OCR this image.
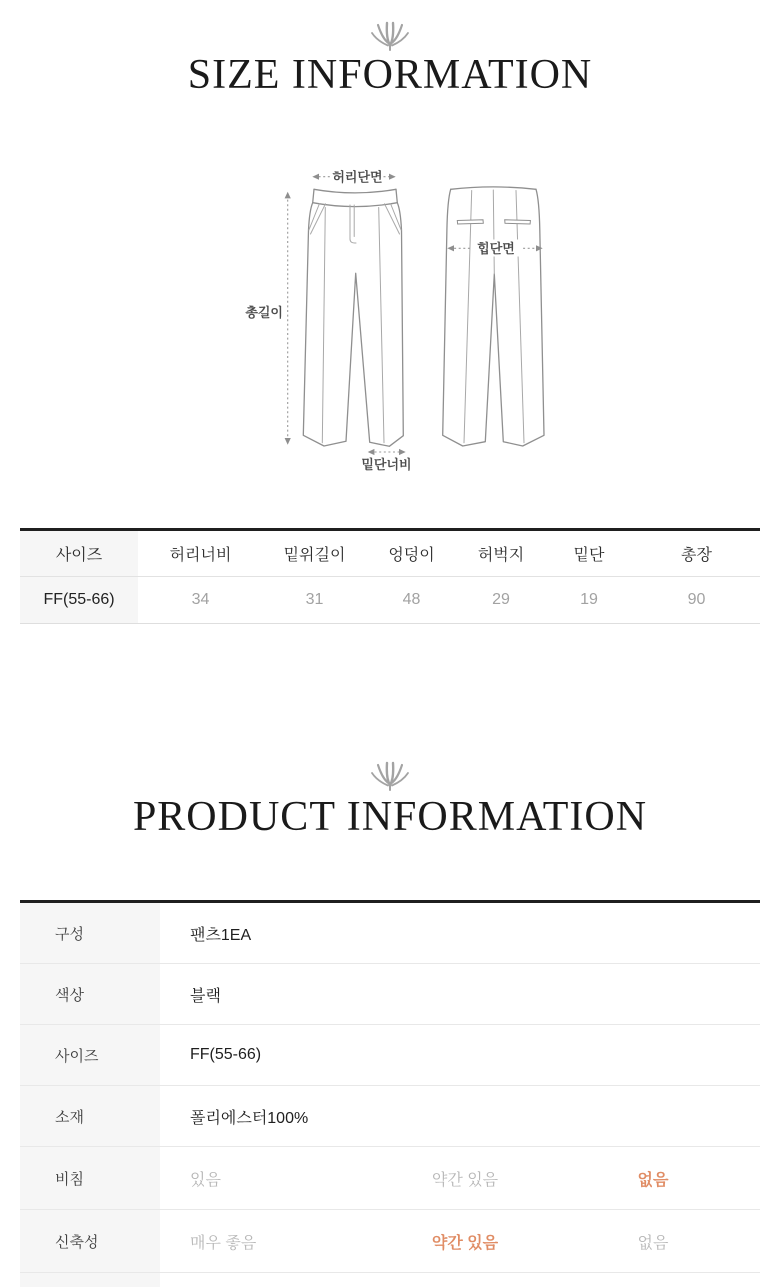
SIZE INFORMATION
허리단면
총길이
힙단면
밑단너비
사이즈	허리너비	밑위길이	엉덩이	허벅지	밑단	총장
FF(55-66)	34	31	48	29	19	90
PRODUCT INFORMATION
구성	팬츠1EA
색상	블랙
사이즈	FF(55-66)
소재	폴리에스터100%
비침	있음	약간 있음	없음
신축성	매우 좋음	약간 있음	없음
